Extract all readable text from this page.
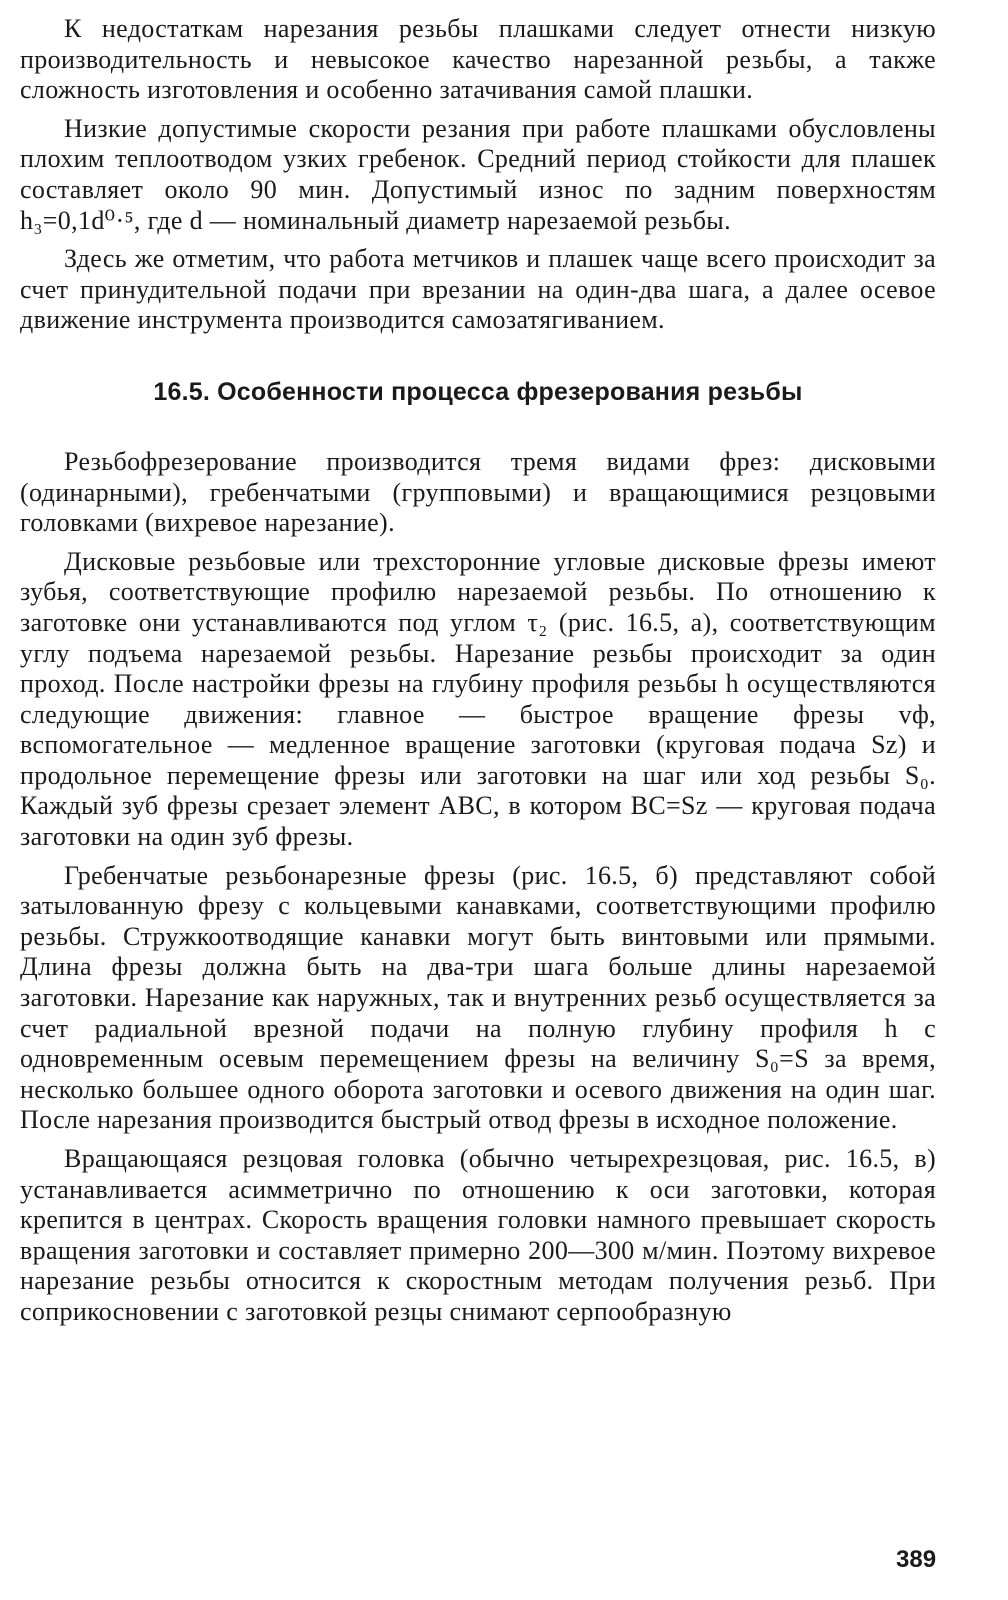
К недостаткам нарезания резьбы плашками следует отнести низкую производительность и невысокое качество нарезанной резьбы, а также сложность изготовления и особенно затачивания самой плашки.

Низкие допустимые скорости резания при работе плашками обусловлены плохим теплоотводом узких гребенок. Средний период стойкости для плашек составляет около 90 мин. Допустимый износ по задним поверхностям h₃=0,1d⁰·⁵, где d — номинальный диаметр нарезаемой резьбы.

Здесь же отметим, что работа метчиков и плашек чаще всего происходит за счет принудительной подачи при врезании на один-два шага, а далее осевое движение инструмента производится самозатягиванием.

16.5. Особенности процесса фрезерования резьбы

Резьбофрезерование производится тремя видами фрез: дисковыми (одинарными), гребенчатыми (групповыми) и вращающимися резцовыми головками (вихревое нарезание).

Дисковые резьбовые или трехсторонние угловые дисковые фрезы имеют зубья, соответствующие профилю нарезаемой резьбы. По отношению к заготовке они устанавливаются под углом τ₂ (рис. 16.5, а), соответствующим углу подъема нарезаемой резьбы. Нарезание резьбы происходит за один проход. После настройки фрезы на глубину профиля резьбы h осуществляются следующие движения: главное — быстрое вращение фрезы vф, вспомогательное — медленное вращение заготовки (круговая подача Sz) и продольное перемещение фрезы или заготовки на шаг или ход резьбы S₀. Каждый зуб фрезы срезает элемент ABC, в котором BC=Sz — круговая подача заготовки на один зуб фрезы.

Гребенчатые резьбонарезные фрезы (рис. 16.5, б) представляют собой затылованную фрезу с кольцевыми канавками, соответствующими профилю резьбы. Стружкоотводящие канавки могут быть винтовыми или прямыми. Длина фрезы должна быть на два-три шага больше длины нарезаемой заготовки. Нарезание как наружных, так и внутренних резьб осуществляется за счет радиальной врезной подачи на полную глубину профиля h с одновременным осевым перемещением фрезы на величину S₀=S за время, несколько большее одного оборота заготовки и осевого движения на один шаг. После нарезания производится быстрый отвод фрезы в исходное положение.

Вращающаяся резцовая головка (обычно четырехрезцовая, рис. 16.5, в) устанавливается асимметрично по отношению к оси заготовки, которая крепится в центрах. Скорость вращения головки намного превышает скорость вращения заготовки и составляет примерно 200—300 м/мин. Поэтому вихревое нарезание резьбы относится к скоростным методам получения резьб. При соприкосновении с заготовкой резцы снимают серпообразную

389
